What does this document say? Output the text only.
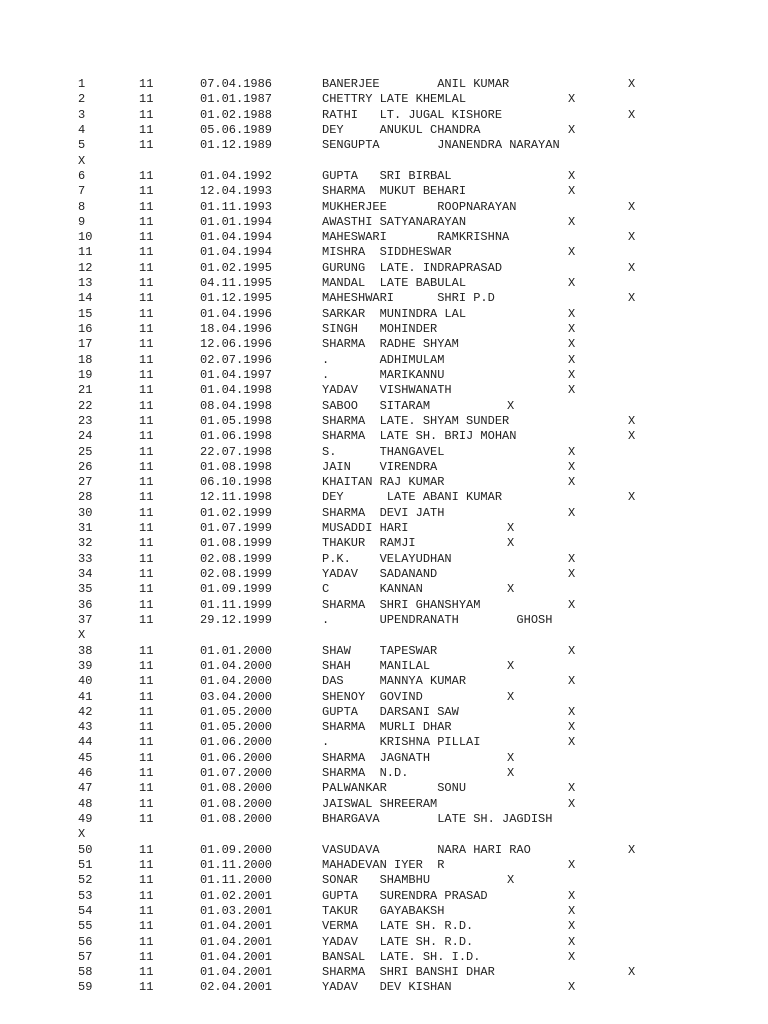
1	11	07.04.1986	BANERJEE        ANIL KUMAR	X
2	11	01.01.1987	CHETTRY LATE KHEMLAL	X
3	11	01.02.1988	RATHI   LT. JUGAL KISHORE	X
4	11	05.06.1989	DEY     ANUKUL CHANDRA	X
5	11	01.12.1989	SENGUPTA        JNANENDRA NARAYAN
X
6	11	01.04.1992	GUPTA   SRI BIRBAL	X
7	11	12.04.1993	SHARMA  MUKUT BEHARI	X
8	11	01.11.1993	MUKHERJEE       ROOPNARAYAN	X
9	11	01.01.1994	AWASTHI SATYANARAYAN	X
10	11	01.04.1994	MAHESWARI       RAMKRISHNA	X
11	11	01.04.1994	MISHRA  SIDDHESWAR	X
12	11	01.02.1995	GURUNG  LATE. INDRAPRASAD	X
13	11	04.11.1995	MANDAL  LATE BABULAL	X
14	11	01.12.1995	MAHESHWARI      SHRI P.D	X
15	11	01.04.1996	SARKAR  MUNINDRA LAL	X
16	11	18.04.1996	SINGH   MOHINDER	X
17	11	12.06.1996	SHARMA  RADHE SHYAM	X
18	11	02.07.1996	.       ADHIMULAM	X
19	11	01.04.1997	.       MARIKANNU	X
21	11	01.04.1998	YADAV   VISHWANATH	X
22	11	08.04.1998	SABOO   SITARAM	X
23	11	01.05.1998	SHARMA  LATE. SHYAM SUNDER	X
24	11	01.06.1998	SHARMA  LATE SH. BRIJ MOHAN	X
25	11	22.07.1998	S.      THANGAVEL	X
26	11	01.08.1998	JAIN    VIRENDRA	X
27	11	06.10.1998	KHAITAN RAJ KUMAR	X
28	11	12.11.1998	DEY      LATE ABANI KUMAR	X
30	11	01.02.1999	SHARMA  DEVI JATH	X
31	11	01.07.1999	MUSADDI HARI	X
32	11	01.08.1999	THAKUR  RAMJI	X
33	11	02.08.1999	P.K.    VELAYUDHAN	X
34	11	02.08.1999	YADAV   SADANAND	X
35	11	01.09.1999	C       KANNAN	X
36	11	01.11.1999	SHARMA  SHRI GHANSHYAM	X
37	11	29.12.1999	.       UPENDRANATH        GHOSH
X
38	11	01.01.2000	SHAW    TAPESWAR	X
39	11	01.04.2000	SHAH    MANILAL	X
40	11	01.04.2000	DAS     MANNYA KUMAR	X
41	11	03.04.2000	SHENOY  GOVIND	X
42	11	01.05.2000	GUPTA   DARSANI SAW	X
43	11	01.05.2000	SHARMA  MURLI DHAR	X
44	11	01.06.2000	.       KRISHNA PILLAI	X
45	11	01.06.2000	SHARMA  JAGNATH	X
46	11	01.07.2000	SHARMA  N.D.	X
47	11	01.08.2000	PALWANKAR       SONU	X
48	11	01.08.2000	JAISWAL SHREERAM	X
49	11	01.08.2000	BHARGAVA        LATE SH. JAGDISH
X
50	11	01.09.2000	VASUDAVA        NARA HARI RAO	X
51	11	01.11.2000	MAHADEVAN IYER  R	X
52	11	01.11.2000	SONAR   SHAMBHU	X
53	11	01.02.2001	GUPTA   SURENDRA PRASAD	X
54	11	01.03.2001	TAKUR   GAYABAKSH	X
55	11	01.04.2001	VERMA   LATE SH. R.D.	X
56	11	01.04.2001	YADAV   LATE SH. R.D.	X
57	11	01.04.2001	BANSAL  LATE. SH. I.D.	X
58	11	01.04.2001	SHARMA  SHRI BANSHI DHAR	X
59	11	02.04.2001	YADAV   DEV KISHAN	X
